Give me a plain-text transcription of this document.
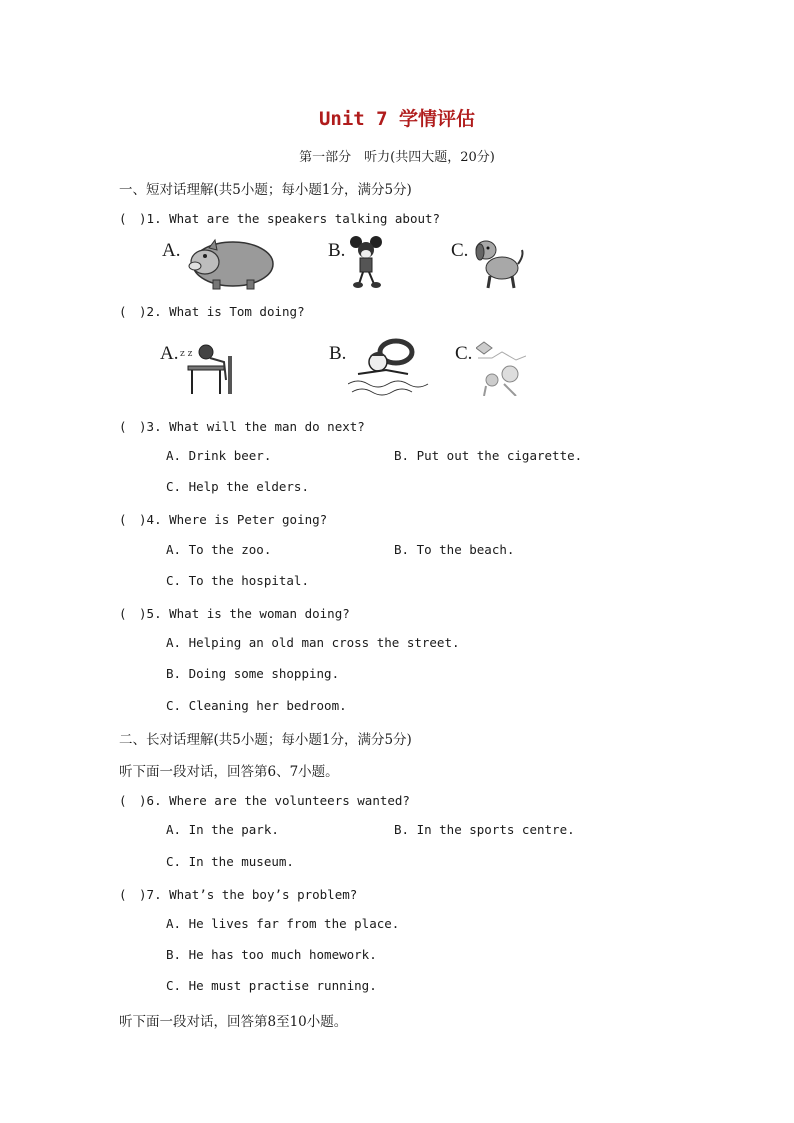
Unit 7 学情评估
第一部分　听力(共四大题，20分)
一、短对话理解(共5小题；每小题1分，满分5分)
(　)1. What are the speakers talking about?
A.	B.	C.
(　)2. What is Tom doing?
A. z z	B.	C.
(　)3. What will the man do next?
A. Drink beer.	B. Put out the cigarette.
C. Help the elders.
(　)4. Where is Peter going?
A. To the zoo.	B. To the beach.
C. To the hospital.
(　)5. What is the woman doing?
A. Helping an old man cross the street.
B. Doing some shopping.
C. Cleaning her bedroom.
二、长对话理解(共5小题；每小题1分，满分5分)
听下面一段对话，回答第6、7小题。
(　)6. Where are the volunteers wanted?
A. In the park.	B. In the sports centre.
C. In the museum.
(　)7. What’s the boy’s problem?
A. He lives far from the place.
B. He has too much homework.
C. He must practise running.
听下面一段对话，回答第8至10小题。
